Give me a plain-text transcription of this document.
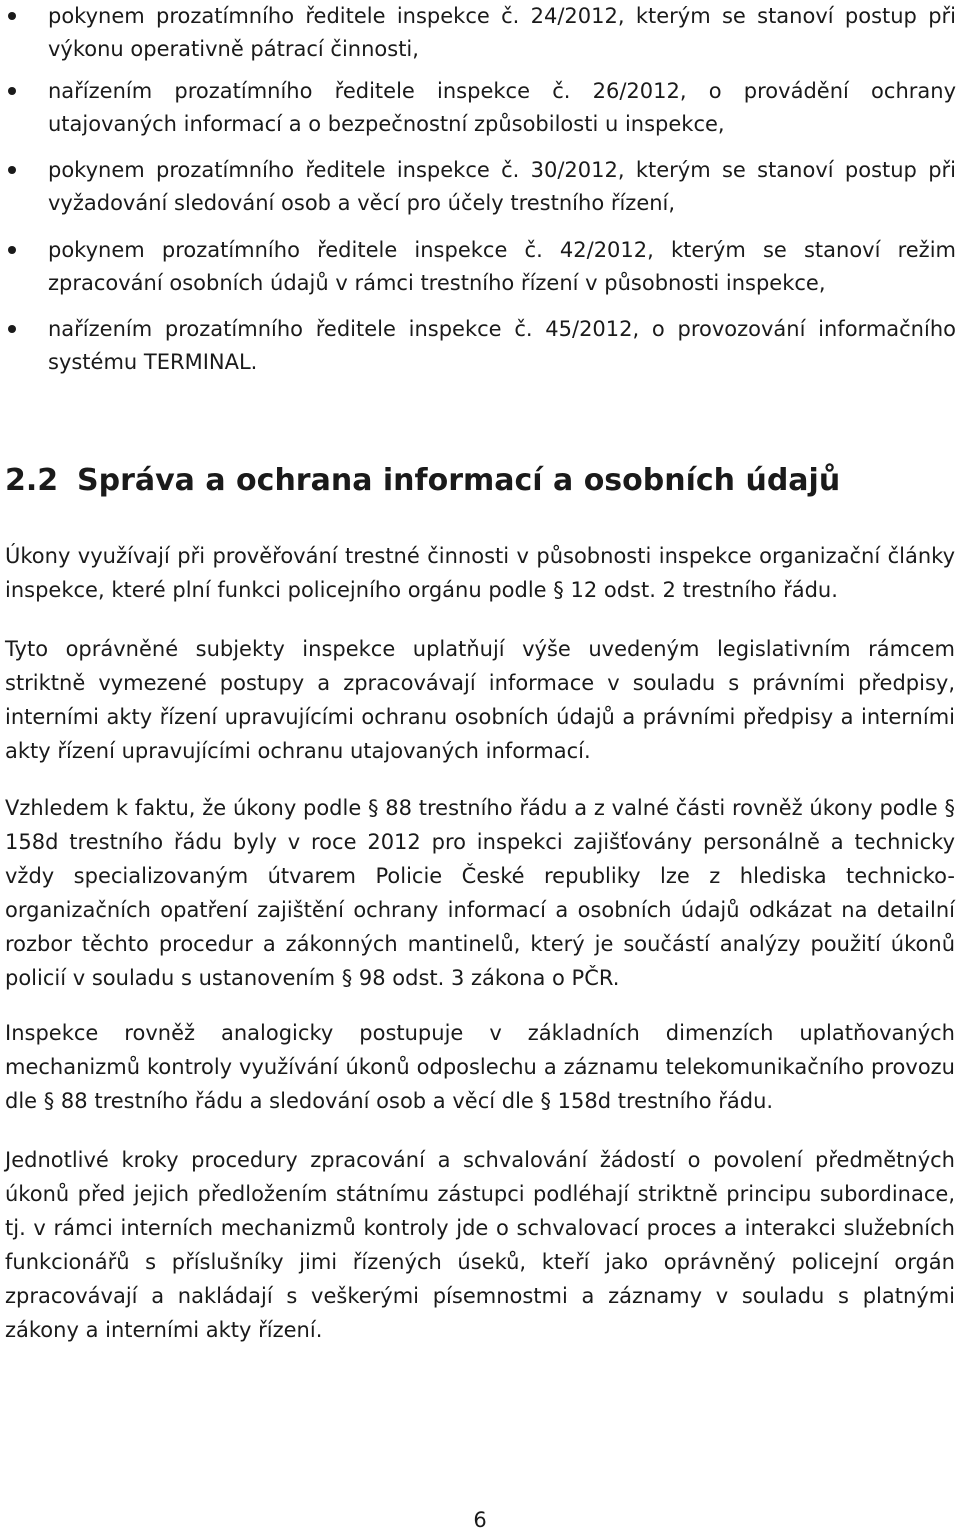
pokynem prozatímního ředitele inspekce č. 24/2012, kterým se stanoví postup při výkonu operativně pátrací činnosti,
nařízením prozatímního ředitele inspekce č. 26/2012, o provádění ochrany utajovaných informací a o bezpečnostní způsobilosti u inspekce,
pokynem prozatímního ředitele inspekce č. 30/2012, kterým se stanoví postup při vyžadování sledování osob a věcí pro účely trestního řízení,
pokynem prozatímního ředitele inspekce č. 42/2012, kterým se stanoví režim zpracování osobních údajů v rámci trestního řízení v působnosti inspekce,
nařízením prozatímního ředitele inspekce č. 45/2012, o provozování informačního systému TERMINAL.
2.2 Správa a ochrana informací a osobních údajů

Úkony využívají při prověřování trestné činnosti v působnosti inspekce organizační články inspekce, které plní funkci policejního orgánu podle § 12 odst. 2 trestního řádu.

Tyto oprávněné subjekty inspekce uplatňují výše uvedeným legislativním rámcem striktně vymezené postupy a zpracovávají informace v souladu s právními předpisy, interními akty řízení upravujícími ochranu osobních údajů a právními předpisy a interními akty řízení upravujícími ochranu utajovaných informací.

Vzhledem k faktu, že úkony podle § 88 trestního řádu a z valné části rovněž úkony podle § 158d trestního řádu byly v roce 2012 pro inspekci zajišťovány personálně a technicky vždy specializovaným útvarem Policie České republiky lze z hlediska technicko-organizačních opatření zajištění ochrany informací a osobních údajů odkázat na detailní rozbor těchto procedur a zákonných mantinelů, který je součástí analýzy použití úkonů policií v souladu s ustanovením § 98 odst. 3 zákona o PČR.

Inspekce rovněž analogicky postupuje v základních dimenzích uplatňovaných mechanizmů kontroly využívání úkonů odposlechu a záznamu telekomunikačního provozu dle § 88 trestního řádu a sledování osob a věcí dle § 158d trestního řádu.

Jednotlivé kroky procedury zpracování a schvalování žádostí o povolení předmětných úkonů před jejich předložením státnímu zástupci podléhají striktně principu subordinace, tj. v rámci interních mechanizmů kontroly jde o schvalovací proces a interakci služebních funkcionářů s příslušníky jimi řízených úseků, kteří jako oprávněný policejní orgán zpracovávají a nakládají s veškerými písemnostmi a záznamy v souladu s platnými zákony a interními akty řízení.

6
